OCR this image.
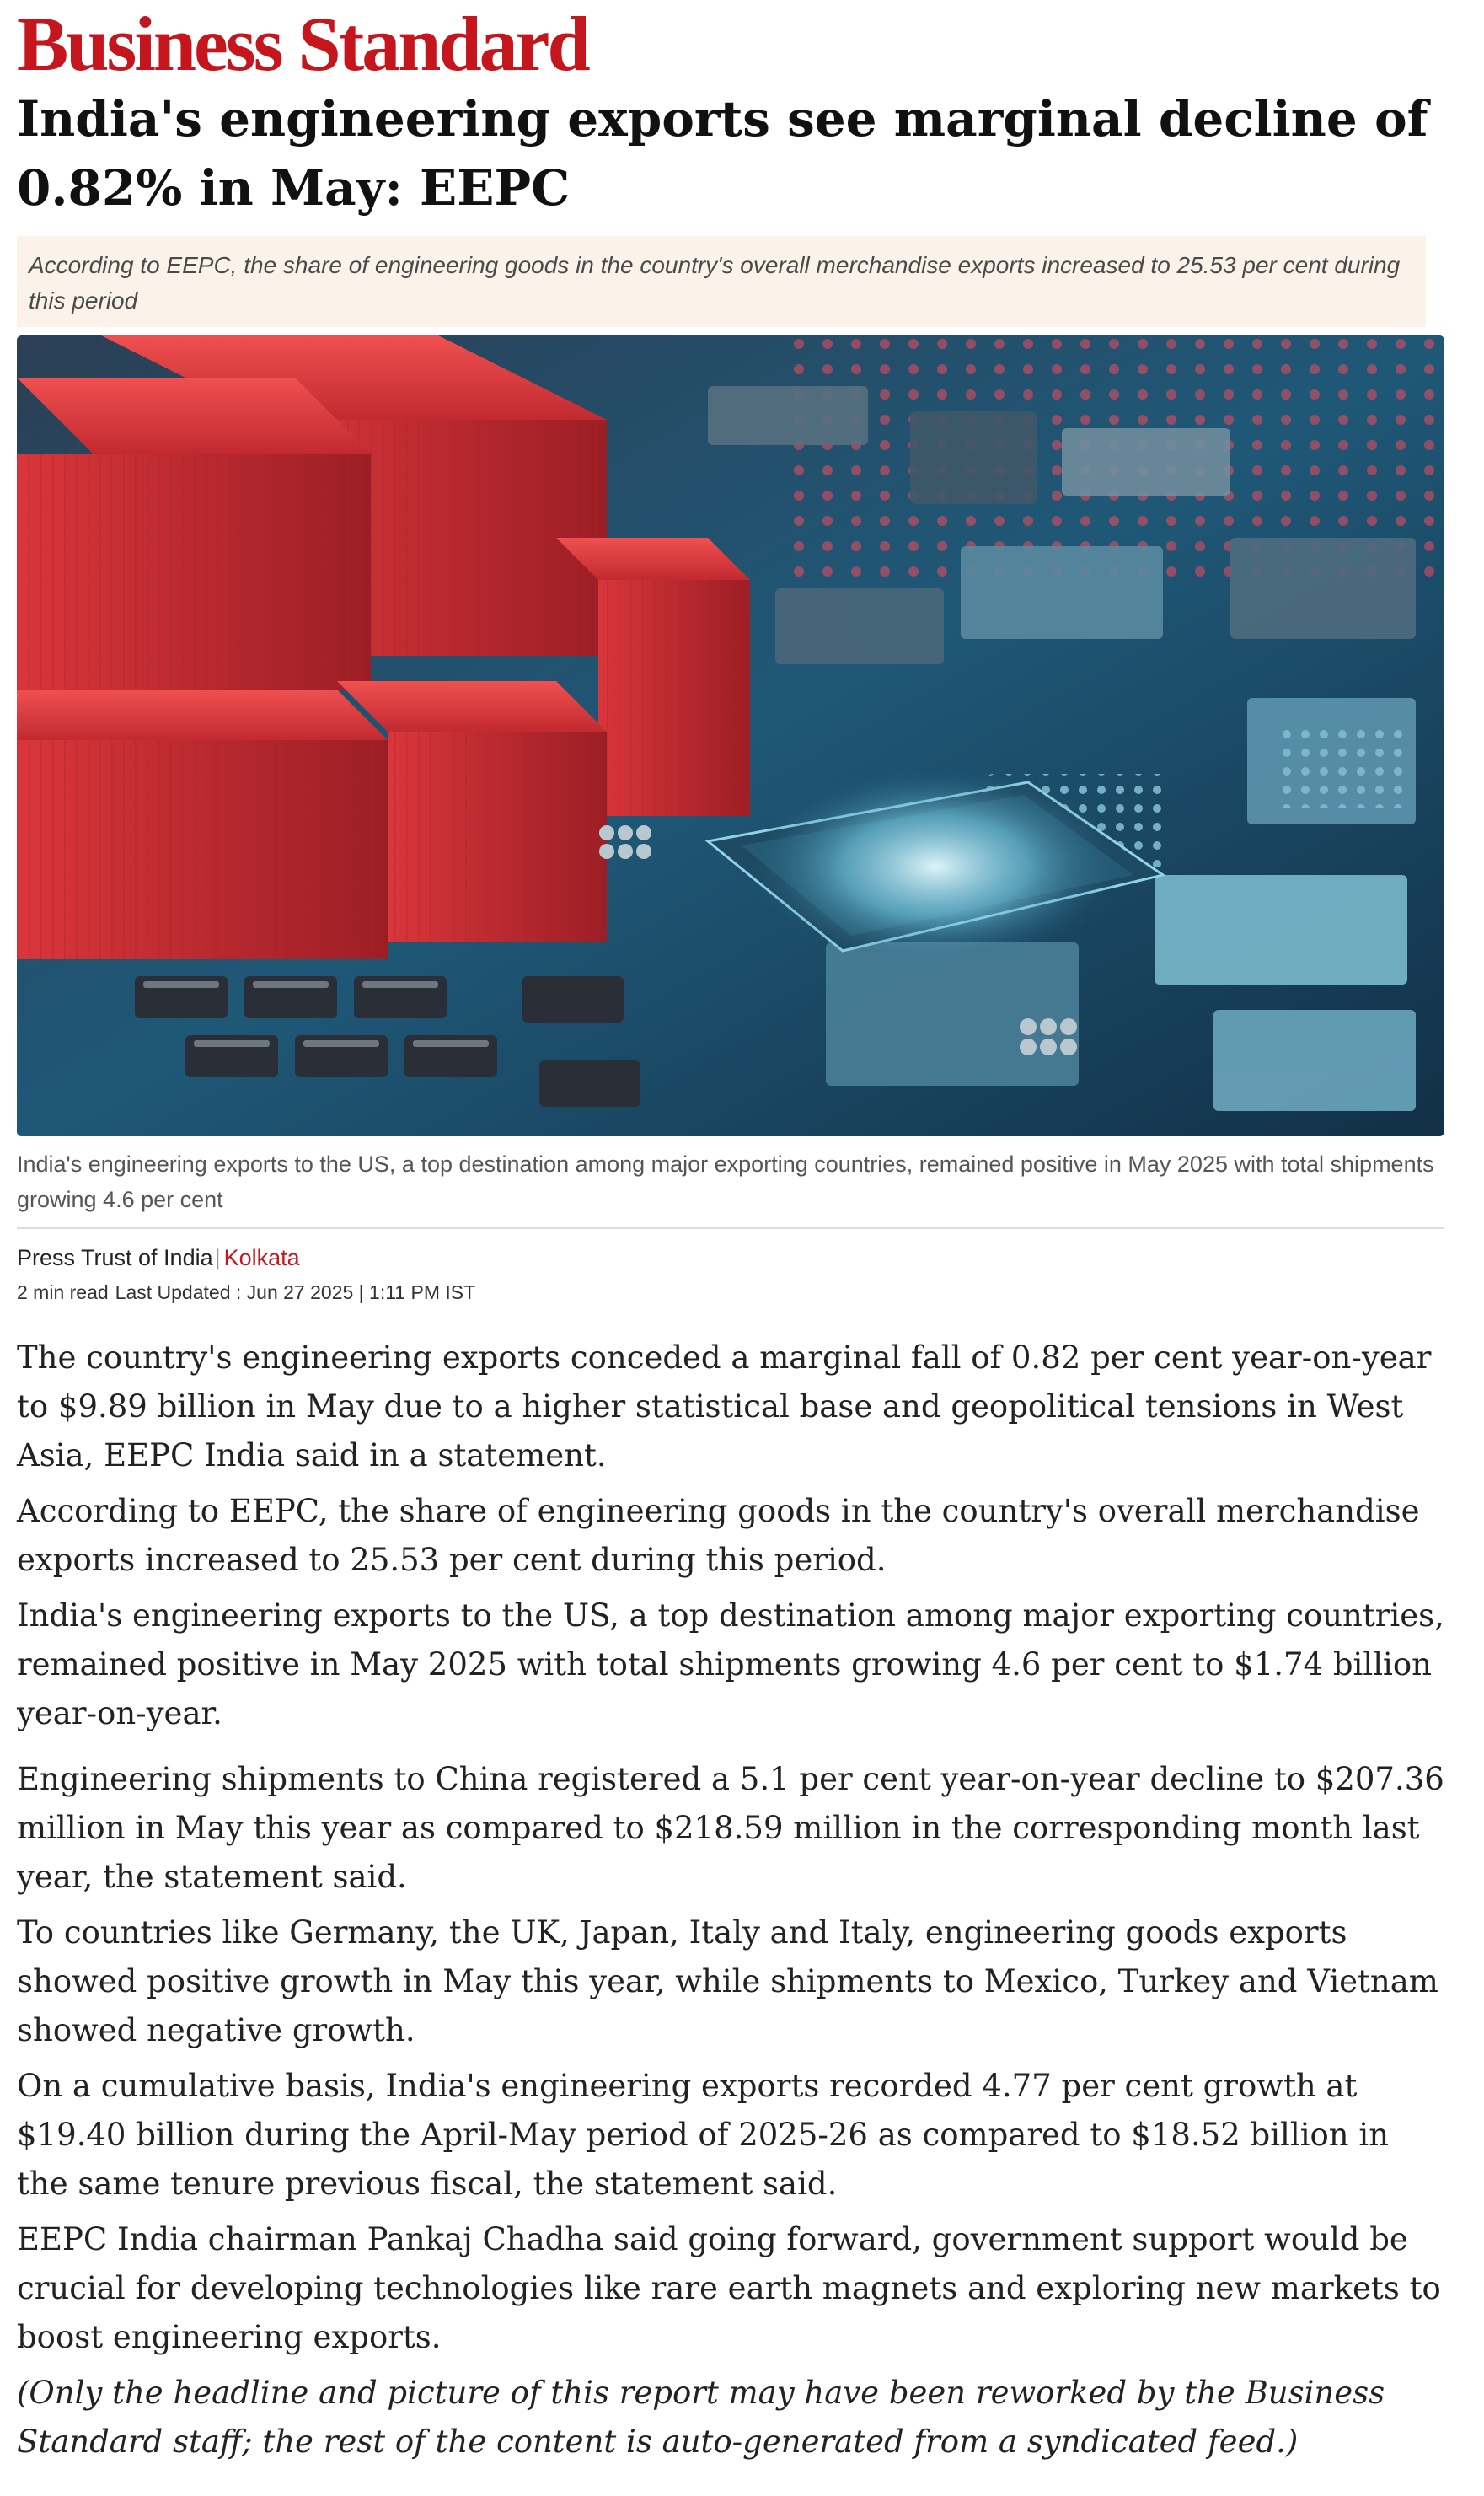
Business Standard
India's engineering exports see marginal decline of 0.82% in May: EEPC
According to EEPC, the share of engineering goods in the country's overall merchandise exports increased to 25.53 per cent during this period
India's engineering exports to the US, a top destination among major exporting countries, remained positive in May 2025 with total shipments growing 4.6 per cent
Press Trust of India| Kolkata
2 min read Last Updated : Jun 27 2025 | 1:11 PM IST

The country's engineering exports conceded a marginal fall of 0.82 per cent year-on-year to $9.89 billion in May due to a higher statistical base and geopolitical tensions in West Asia, EEPC India said in a statement.

According to EEPC, the share of engineering goods in the country's overall merchandise exports increased to 25.53 per cent during this period.

India's engineering exports to the US, a top destination among major exporting countries, remained positive in May 2025 with total shipments growing 4.6 per cent to $1.74 billion year-on-year.

Engineering shipments to China registered a 5.1 per cent year-on-year decline to $207.36 million in May this year as compared to $218.59 million in the corresponding month last year, the statement said.

To countries like Germany, the UK, Japan, Italy and Italy, engineering goods exports showed positive growth in May this year, while shipments to Mexico, Turkey and Vietnam showed negative growth.

On a cumulative basis, India's engineering exports recorded 4.77 per cent growth at $19.40 billion during the April-May period of 2025-26 as compared to $18.52 billion in the same tenure previous fiscal, the statement said.

EEPC India chairman Pankaj Chadha said going forward, government support would be crucial for developing technologies like rare earth magnets and exploring new markets to boost engineering exports.

(Only the headline and picture of this report may have been reworked by the Business Standard staff; the rest of the content is auto-generated from a syndicated feed.)
